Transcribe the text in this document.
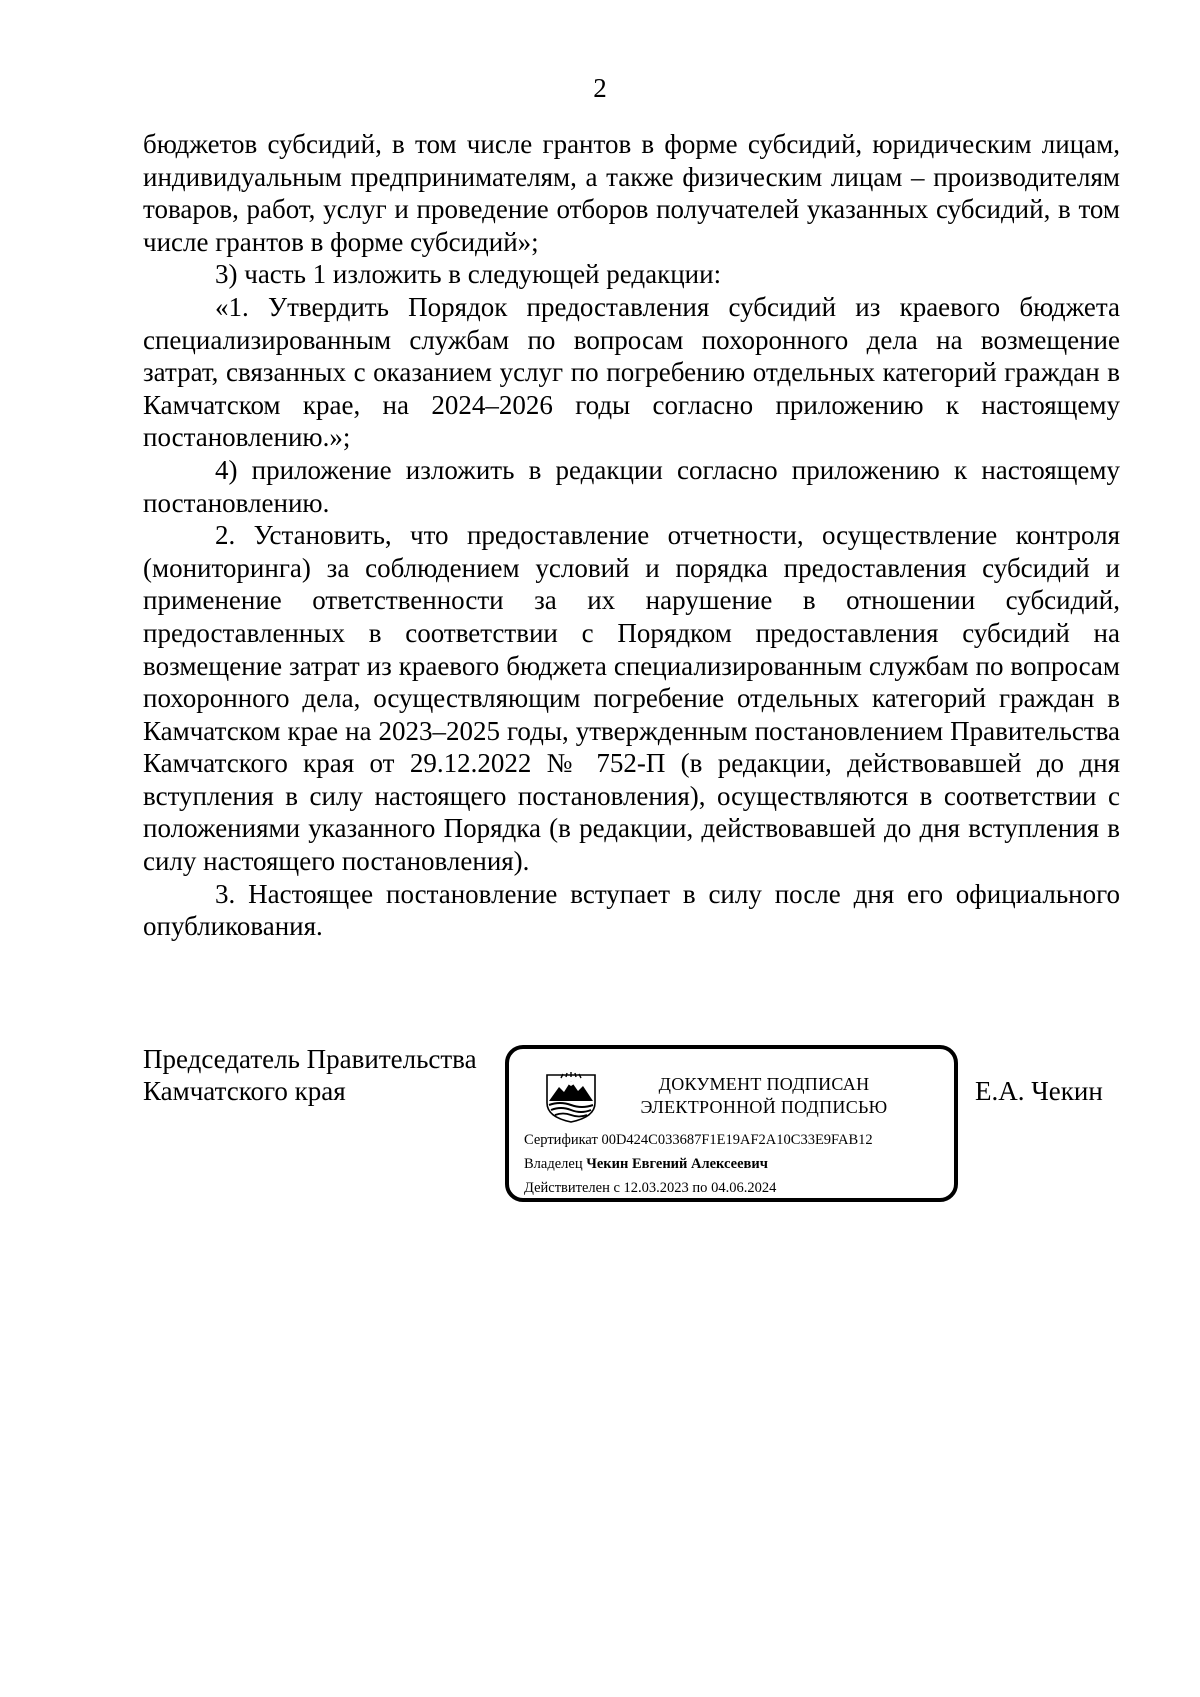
2

бюджетов субсидий, в том числе грантов в форме субсидий, юридическим лицам, индивидуальным предпринимателям, а также физическим лицам – производителям товаров, работ, услуг и проведение отборов получателей указанных субсидий, в том числе грантов в форме субсидий»;

3) часть 1 изложить в следующей редакции:

«1. Утвердить Порядок предоставления субсидий из краевого бюджета специализированным службам по вопросам похоронного дела на возмещение затрат, связанных с оказанием услуг по погребению отдельных категорий граждан в Камчатском крае, на 2024–2026 годы согласно приложению к настоящему постановлению.»;

4) приложение изложить в редакции согласно приложению к настоящему постановлению.

2. Установить, что предоставление отчетности, осуществление контроля (мониторинга) за соблюдением условий и порядка предоставления субсидий и применение ответственности за их нарушение в отношении субсидий, предоставленных в соответствии с Порядком предоставления субсидий на возмещение затрат из краевого бюджета специализированным службам по вопросам похоронного дела, осуществляющим погребение отдельных категорий граждан в Камчатском крае на 2023–2025 годы, утвержденным постановлением Правительства Камчатского края от 29.12.2022 № 752-П (в редакции, действовавшей до дня вступления в силу настоящего постановления), осуществляются в соответствии с положениями указанного Порядка (в редакции, действовавшей до дня вступления в силу настоящего постановления).

3. Настоящее постановление вступает в силу после дня его официального опубликования.

Председатель Правительства
Камчатского края	Е.А. Чекин
ДОКУМЕНТ ПОДПИСАН
ЭЛЕКТРОННОЙ ПОДПИСЬЮ
Сертификат 00D424C033687F1E19AF2A10C33E9FAB12
Владелец Чекин Евгений Алексеевич
Действителен с 12.03.2023 по 04.06.2024
